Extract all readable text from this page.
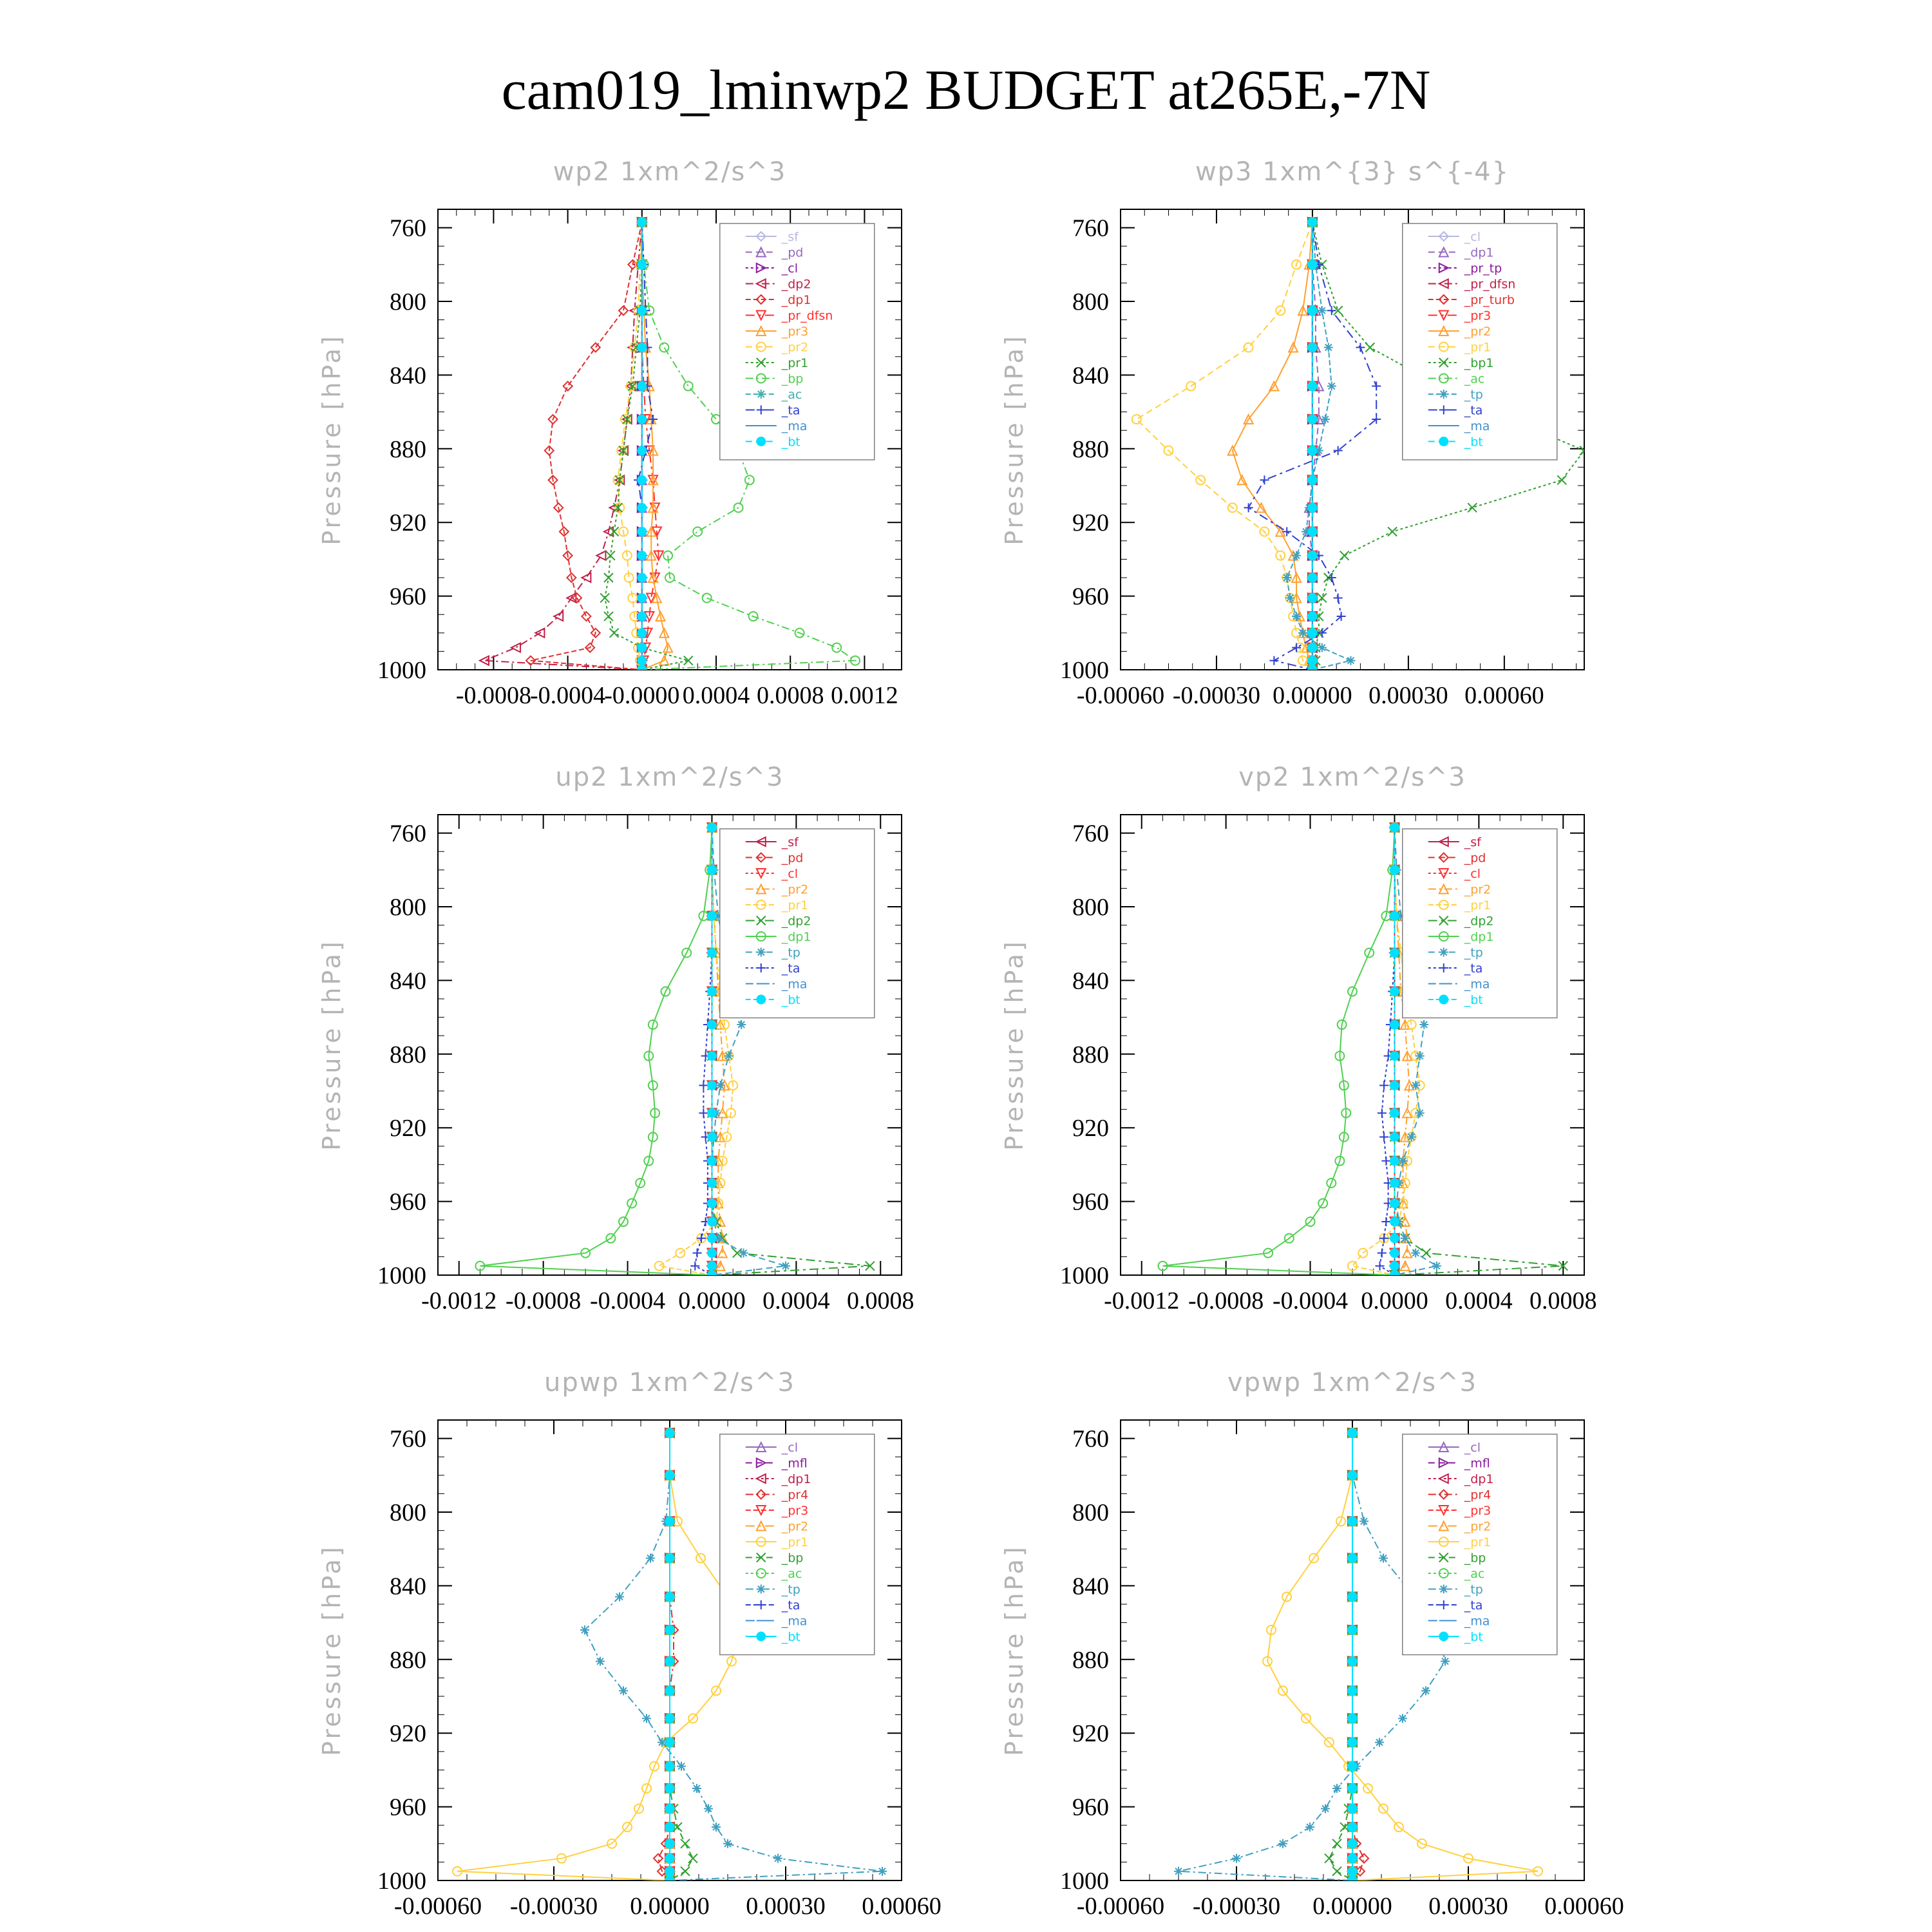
cam019_lminwp2 BUDGET at265E,-7N
wp2 1xm^2/s^3
Pressure [hPa]
760
800
840
880
920
960
1000
-0.0008
-0.0004
-0.0000 0.0004 0.0008 0.0012
_sf
_pd
_cl
_dp2
_dp1
_pr_dfsn
_pr3
_pr2
_pr1
_bp
_ac
_ta
_ma
_bt
wp3 1xm^{3} s^{-4}
Pressure [hPa]
760
800
840
880
920
960
1000
-0.00060 -0.00030 0.00000 0.00030 0.00060
_cl
_dp1
_pr_tp
_pr_dfsn
_pr_turb
_pr3
_pr2
_pr1
_bp1
_ac
_tp
_ta
_ma
_bt
up2 1xm^2/s^3
Pressure [hPa]
760
800
840
880
920
960
1000
-0.0012 -0.0008 -0.0004 0.0000 0.0004 0.0008
_sf
_pd
_cl
_pr2
_pr1
_dp2
_dp1
_tp
_ta
_ma
_bt
vp2 1xm^2/s^3
Pressure [hPa]
760
800
840
880
920
960
1000
-0.0012 -0.0008 -0.0004 0.0000 0.0004 0.0008
_sf
_pd
_cl
_pr2
_pr1
_dp2
_dp1
_tp
_ta
_ma
_bt
upwp 1xm^2/s^3
Pressure [hPa]
760
800
840
880
920
960
1000
-0.00060 -0.00030 0.00000 0.00030 0.00060
_cl
_mfl
_dp1
_pr4
_pr3
_pr2
_pr1
_bp
_ac
_tp
_ta
_ma
_bt
vpwp 1xm^2/s^3
Pressure [hPa]
760
800
840
880
920
960
1000
-0.00060 -0.00030 0.00000 0.00030 0.00060
_cl
_mfl
_dp1
_pr4
_pr3
_pr2
_pr1
_bp
_ac
_tp
_ta
_ma
_bt
